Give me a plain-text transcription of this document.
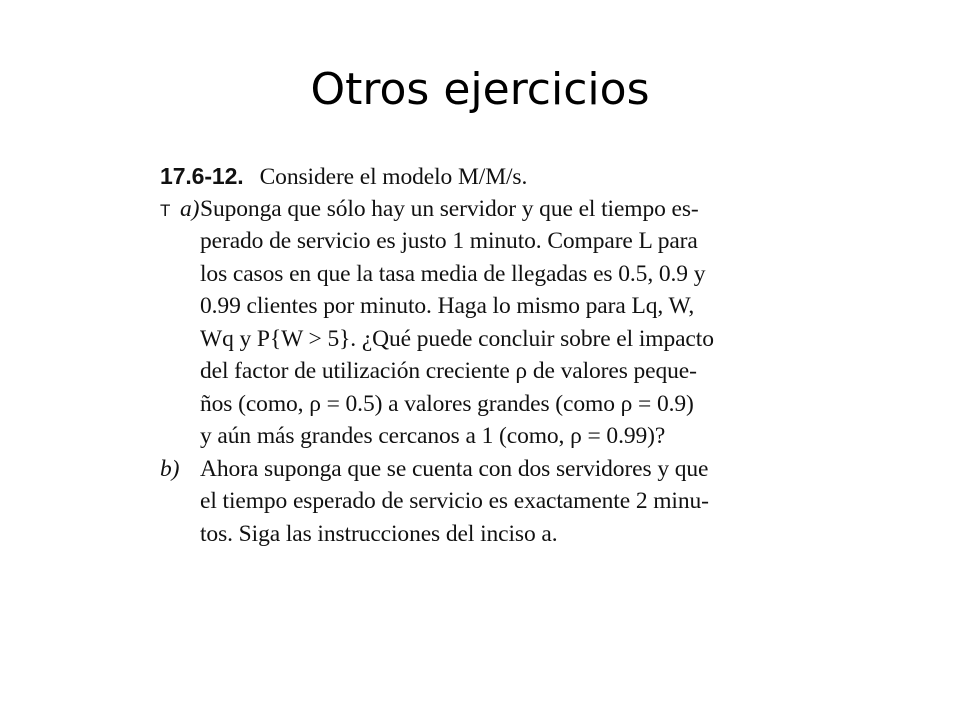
Otros ejercicios
17.6-12. Considere el modelo M/M/s.
T a) Suponga que sólo hay un servidor y que el tiempo es-
perado de servicio es justo 1 minuto. Compare L para
los casos en que la tasa media de llegadas es 0.5, 0.9 y
0.99 clientes por minuto. Haga lo mismo para Lq, W,
Wq y P{W > 5}. ¿Qué puede concluir sobre el impacto
del factor de utilización creciente ρ de valores peque-
ños (como, ρ = 0.5) a valores grandes (como ρ = 0.9)
y aún más grandes cercanos a 1 (como, ρ = 0.99)?
b) Ahora suponga que se cuenta con dos servidores y que
el tiempo esperado de servicio es exactamente 2 minu-
tos. Siga las instrucciones del inciso a.
